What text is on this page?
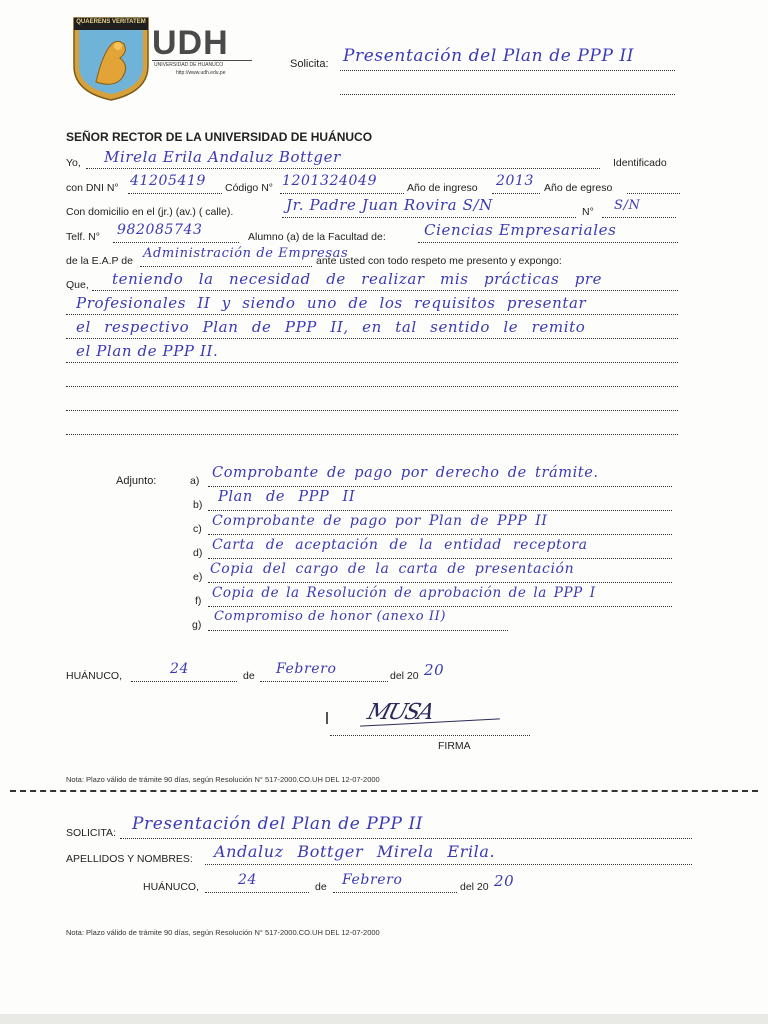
QUAERENS VERITATEM
UDH
UNIVERSIDAD DE HUANUCO
http://www.udh.edu.pe
Solicita: Presentación del Plan de PPP II
SEÑOR RECTOR DE LA UNIVERSIDAD DE HUÁNUCO
Yo, Mirela Erila Andaluz Bottger	Identificado
con DNI N° 41205419 Código N° 1201324049	Año de ingreso 2013 Año de egreso
Con domicilio en el (jr.) (av.) ( calle).	Jr. Padre Juan Rovira S/N	N° S/N
Telf. N° 982085743	Alumno (a) de la Facultad de:	Ciencias Empresariales
de la E.A.P de Administración de Empresas
ante usted con todo respeto me presento y expongo:
Que, teniendo la necesidad de realizar mis prácticas pre
Profesionales II y siendo uno de los requisitos presentar
el respectivo Plan de PPP II, en tal sentido le remito
el Plan de PPP II.
Adjunto:	a) Comprobante de pago por derecho de trámite.
b) Plan de PPP II
c) Comprobante de pago por Plan de PPP II
d) Carta de aceptación de la entidad receptora
e) Copia del cargo de la carta de presentación
f) Copia de la Resolución de aprobación de la PPP I
g)
Compromiso de honor (anexo II)
HUÁNUCO,	24	de Febrero	del 20 20
MUSA
FIRMA
Nota: Plazo válido de trámite 90 días, según Resolución N° 517-2000.CO.UH DEL 12-07-2000
SOLICITA: Presentación del Plan de PPP II
APELLIDOS Y NOMBRES: Andaluz Bottger Mirela Erila.
HUÁNUCO,	24	de Febrero	del 20 20
Nota: Plazo válido de trámite 90 días, según Resolución N° 517-2000.CO.UH DEL 12-07-2000
